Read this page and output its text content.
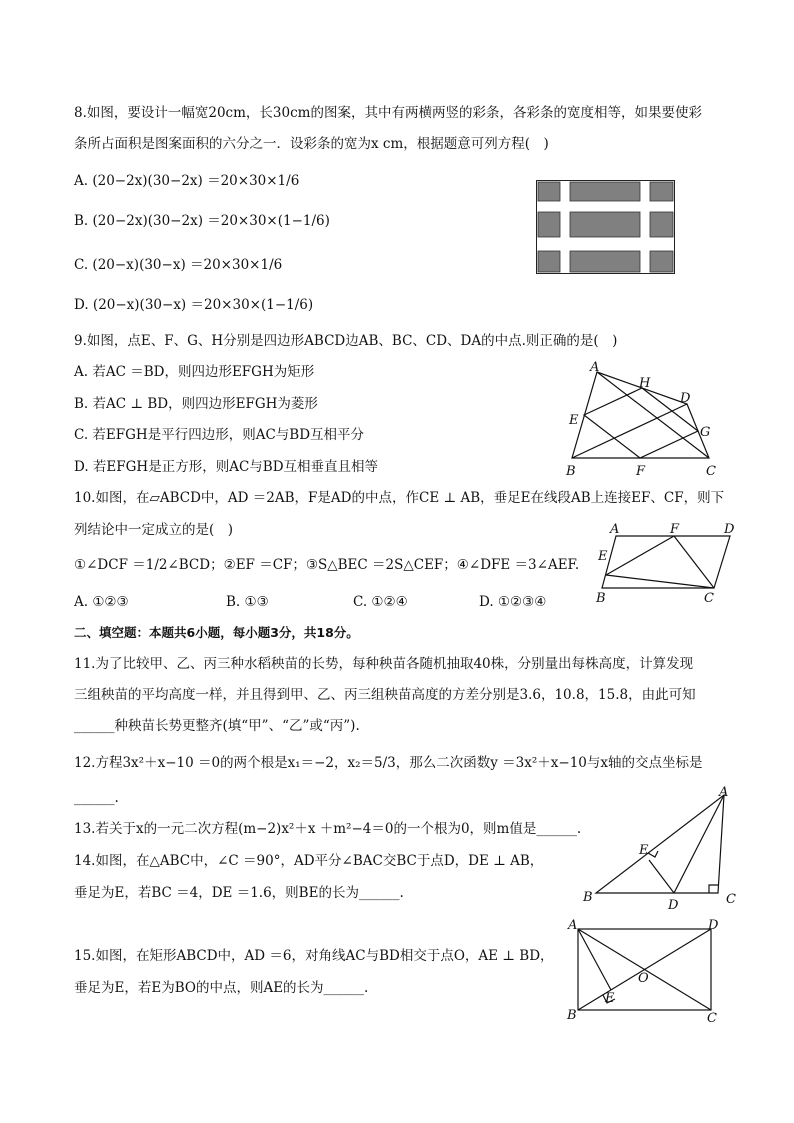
8.如图，要设计一幅宽20cm，长30cm的图案，其中有两横两竖的彩条，各彩条的宽度相等，如果要使彩
条所占面积是图案面积的六分之一．设彩条的宽为x cm，根据题意可列方程(　)
A. (20−2x)(30−2x) ＝20×30×1/6
B. (20−2x)(30−2x) ＝20×30×(1−1/6)
C. (20−x)(30−x) ＝20×30×1/6
D. (20−x)(30−x) ＝20×30×(1−1/6)
9.如图，点E、F、G、H分别是四边形ABCD边AB、BC、CD、DA的中点.则正确的是(　)
A. 若AC ＝BD，则四边形EFGH为矩形
B. 若AC ⊥ BD，则四边形EFGH为菱形
C. 若EFGH是平行四边形，则AC与BD互相平分
D. 若EFGH是正方形，则AC与BD互相垂直且相等
A
H
D
E
G
B	F	C
10.如图，在▱ABCD中，AD ＝2AB，F是AD的中点，作CE ⊥ AB，垂足E在线段AB上连接EF、CF，则下
列结论中一定成立的是(　)
①∠DCF ＝1/2∠BCD；②EF ＝CF；③S△BEC ＝2S△CEF；④∠DFE ＝3∠AEF.
A. ①②③	B. ①③	C. ①②④	D. ①②③④
A	F	D
E
B	C
二、填空题：本题共6小题，每小题3分，共18分。
11.为了比较甲、乙、丙三种水稻秧苗的长势，每种秧苗各随机抽取40株，分别量出每株高度，计算发现
三组秧苗的平均高度一样，并且得到甲、乙、丙三组秧苗高度的方差分别是3.6，10.8，15.8，由此可知
______种秧苗长势更整齐(填“甲”、“乙”或“丙”).
12.方程3x²＋x−10 ＝0的两个根是x₁＝−2，x₂＝5/3，那么二次函数y ＝3x²＋x−10与x轴的交点坐标是
______.
13.若关于x的一元二次方程(m−2)x²＋x ＋m²−4＝0的一个根为0，则m值是______.
14.如图，在△ABC中，∠C ＝90°，AD平分∠BAC交BC于点D，DE ⊥ AB，
垂足为E，若BC ＝4，DE ＝1.6，则BE的长为______.
A
E
B
D	C
15.如图，在矩形ABCD中，AD ＝6，对角线AC与BD相交于点O，AE ⊥ BD，
垂足为E，若E为BO的中点，则AE的长为______.
A	D
O
E
B	C
